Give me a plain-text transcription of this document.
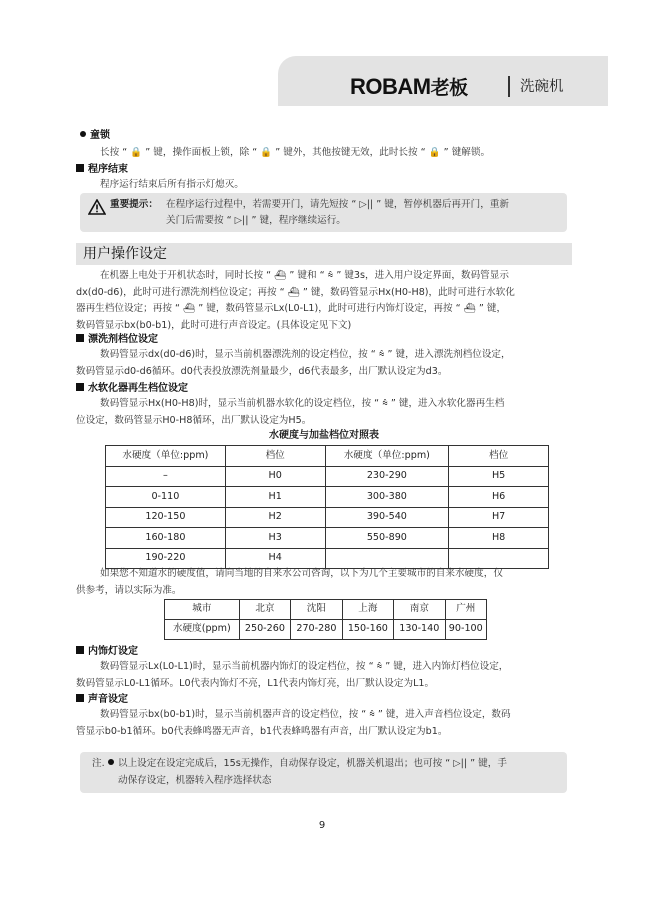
ROBAM老板	洗碗机
童锁
长按 “ 🔒 ” 键，操作面板上锁，除 “ 🔒 ” 键外，其他按键无效，此时长按 “ 🔒 ” 键解锁。
程序结束
程序运行结束后所有指示灯熄灭。
重要提示： 在程序运行过程中，若需要开门，请先短按 “ ▷|| ” 键，暂停机器后再开门，重新
关门后需要按 “ ▷|| ” 键，程序继续运行。
用户操作设定
在机器上电处于开机状态时，同时长按 “ ⛴ ” 键和 “ ⩯ ” 键3s，进入用户设定界面，数码管显示
dx(d0-d6)，此时可进行漂洗剂档位设定；再按 “ ⛴ ” 键，数码管显示Hx(H0-H8)，此时可进行水软化
器再生档位设定；再按 “ ⛴ ” 键，数码管显示Lx(L0-L1)，此时可进行内饰灯设定，再按 “ ⛴ ” 键，
数码管显示bx(b0-b1)，此时可进行声音设定。(具体设定见下文)
漂洗剂档位设定
数码管显示dx(d0-d6)时，显示当前机器漂洗剂的设定档位，按 “ ⩯ ” 键，进入漂洗剂档位设定，
数码管显示d0-d6循环。d0代表投放漂洗剂量最少，d6代表最多，出厂默认设定为d3。
水软化器再生档位设定
数码管显示Hx(H0-H8)时，显示当前机器水软化的设定档位，按 “ ⩯ ” 键，进入水软化器再生档
位设定，数码管显示H0-H8循环，出厂默认设定为H5。
水硬度与加盐档位对照表
水硬度（单位:ppm)	档位	水硬度（单位:ppm)	档位
–	H0	230-290	H5
0-110	H1	300-380	H6
120-150	H2	390-540	H7
160-180	H3	550-890	H8
190-220	H4		
如果您不知道水的硬度值，请向当地的自来水公司咨询，以下为几个主要城市的自来水硬度，仅
供参考，请以实际为准。
城市	北京	沈阳	上海	南京	广州
水硬度(ppm)	250-260	270-280	150-160	130-140	90-100
内饰灯设定
数码管显示Lx(L0-L1)时，显示当前机器内饰灯的设定档位，按 “ ⩯ ” 键，进入内饰灯档位设定，
数码管显示L0-L1循环。L0代表内饰灯不亮，L1代表内饰灯亮，出厂默认设定为L1。
声音设定
数码管显示bx(b0-b1)时，显示当前机器声音的设定档位，按 “ ⩯ ” 键，进入声音档位设定，数码
管显示b0-b1循环。b0代表蜂鸣器无声音，b1代表蜂鸣器有声音，出厂默认设定为b1。
注.	以上设定在设定完成后，15s无操作，自动保存设定，机器关机退出；也可按 “ ▷|| ” 键，手
动保存设定，机器转入程序选择状态
9
